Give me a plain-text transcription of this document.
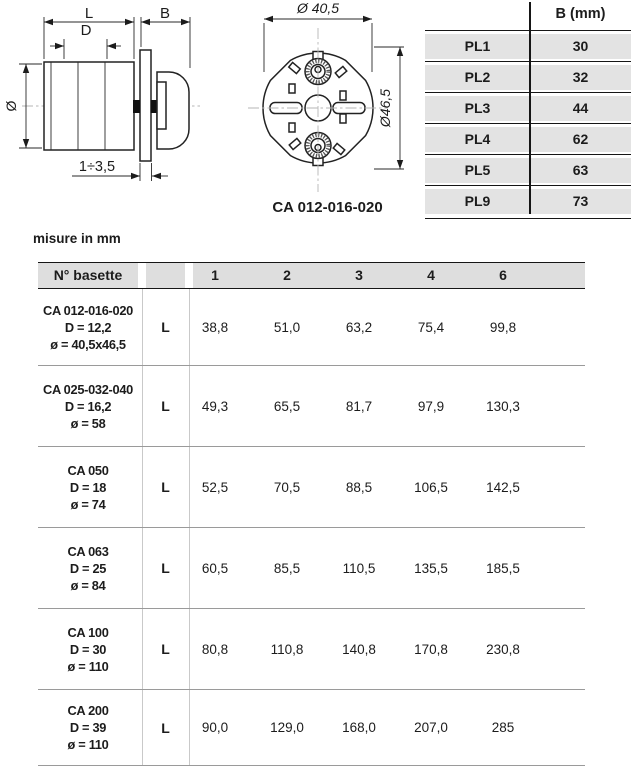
L	B
D
Ø
1÷3,5
Ø 40,5
Ø46,5
CA 012-016-020
B (mm)
PL1	30
PL2	32
PL3	44
PL4	62
PL5	63
PL9	73
misure in mm
N° basette	1	2	3	4	6
CA 012-016-020
D = 12,2
ø = 40,5x46,5
L	38,8	51,0	63,2	75,4	99,8
CA 025-032-040
D = 16,2
ø = 58
L	49,3	65,5	81,7	97,9	130,3
CA 050
D = 18
ø = 74
L	52,5	70,5	88,5	106,5	142,5
CA 063
D = 25
ø = 84
L	60,5	85,5	110,5	135,5	185,5
CA 100
D = 30
ø = 110
L	80,8	110,8	140,8	170,8	230,8
CA 200
D = 39
ø = 110
L	90,0	129,0	168,0	207,0	285
